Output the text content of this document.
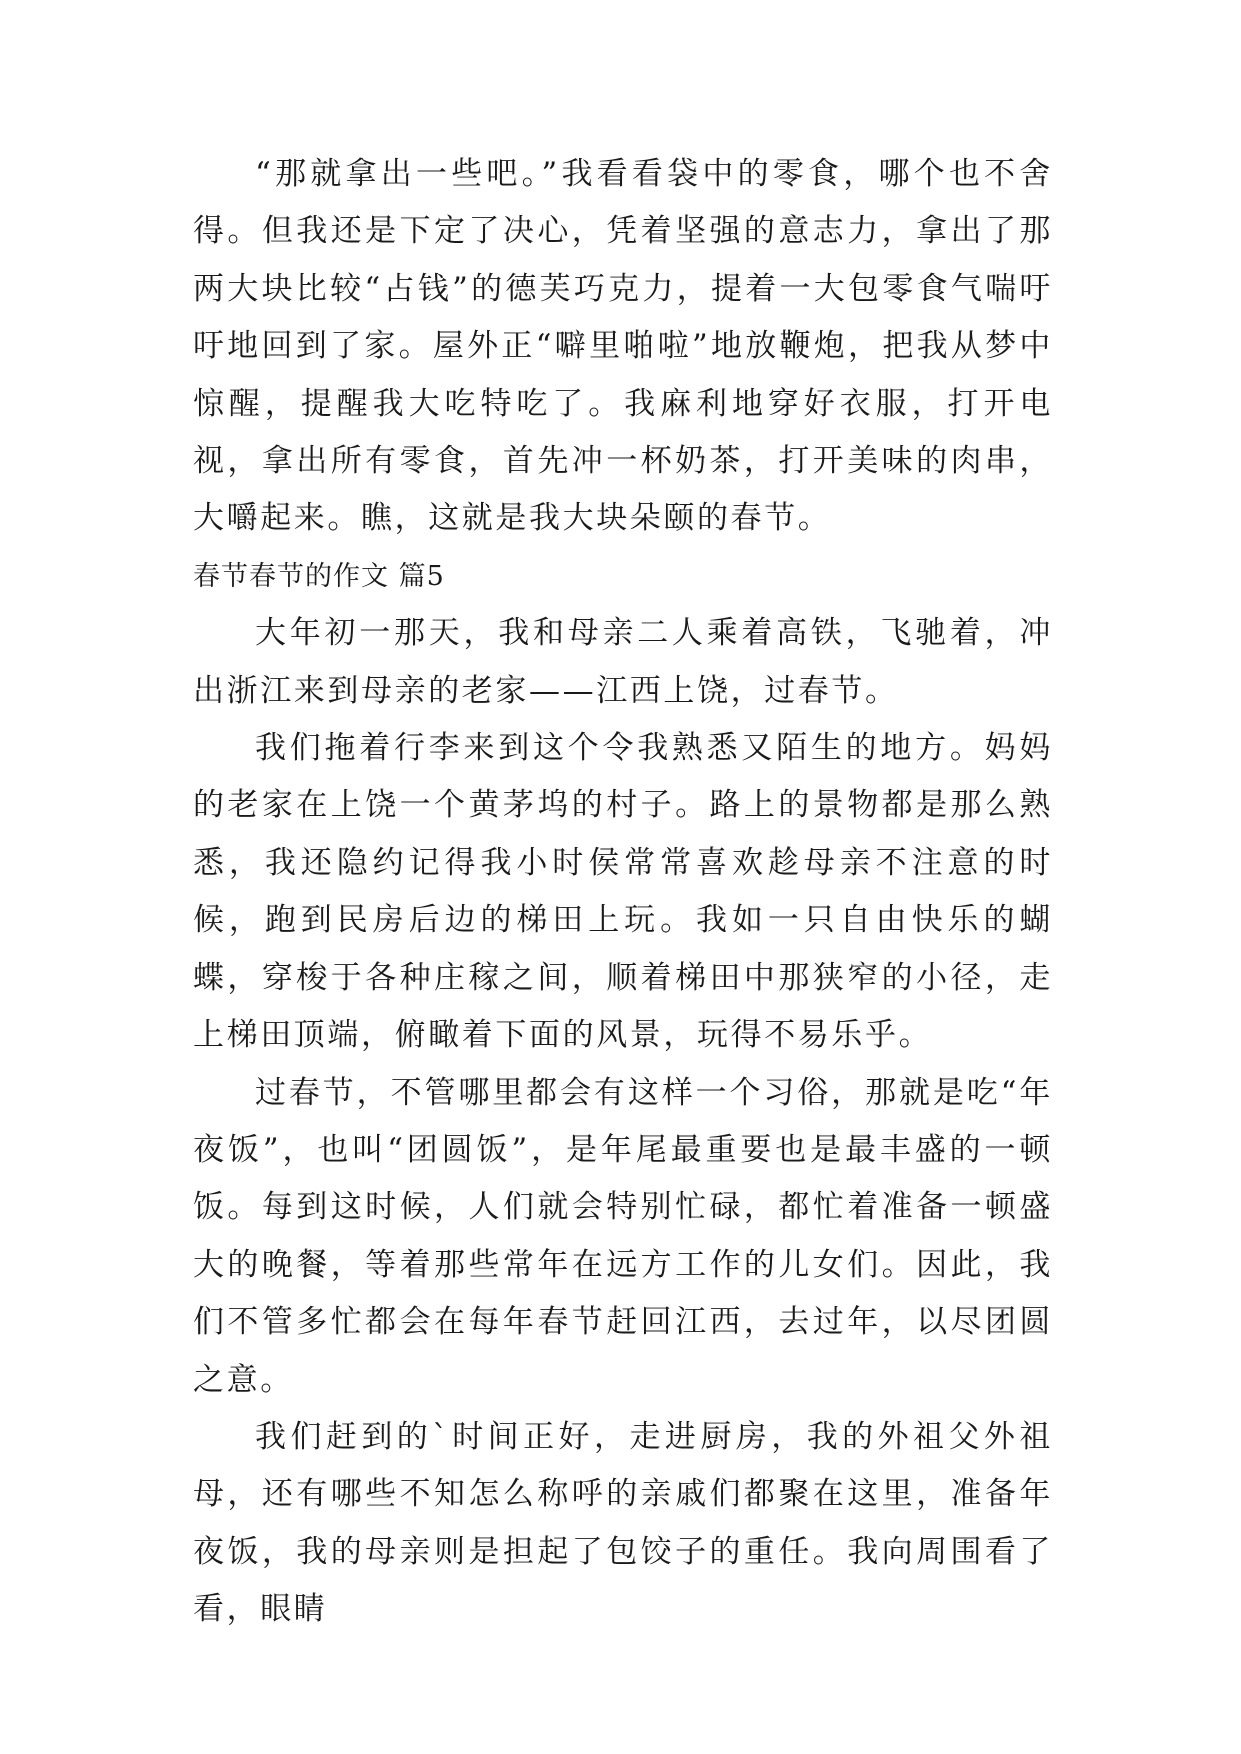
“那就拿出一些吧。”我看看袋中的零食，哪个也不舍得。但我还是下定了决心，凭着坚强的意志力，拿出了那两大块比较“占钱”的德芙巧克力，提着一大包零食气喘吁吁地回到了家。屋外正“噼里啪啦”地放鞭炮，把我从梦中惊醒，提醒我大吃特吃了。我麻利地穿好衣服，打开电视，拿出所有零食，首先冲一杯奶茶，打开美味的肉串，大嚼起来。瞧，这就是我大块朵颐的春节。

春节春节的作文 篇5

大年初一那天，我和母亲二人乘着高铁，飞驰着，冲出浙江来到母亲的老家——江西上饶，过春节。

我们拖着行李来到这个令我熟悉又陌生的地方。妈妈的老家在上饶一个黄茅坞的村子。路上的景物都是那么熟悉，我还隐约记得我小时侯常常喜欢趁母亲不注意的时候，跑到民房后边的梯田上玩。我如一只自由快乐的蝴蝶，穿梭于各种庄稼之间，顺着梯田中那狭窄的小径，走上梯田顶端，俯瞰着下面的风景，玩得不易乐乎。

过春节，不管哪里都会有这样一个习俗，那就是吃“年夜饭”，也叫“团圆饭”，是年尾最重要也是最丰盛的一顿饭。每到这时候，人们就会特别忙碌，都忙着准备一顿盛大的晚餐，等着那些常年在远方工作的儿女们。因此，我们不管多忙都会在每年春节赶回江西，去过年，以尽团圆之意。

我们赶到的`时间正好，走进厨房，我的外祖父外祖母，还有哪些不知怎么称呼的亲戚们都聚在这里，准备年夜饭，我的母亲则是担起了包饺子的重任。我向周围看了看，眼睛
